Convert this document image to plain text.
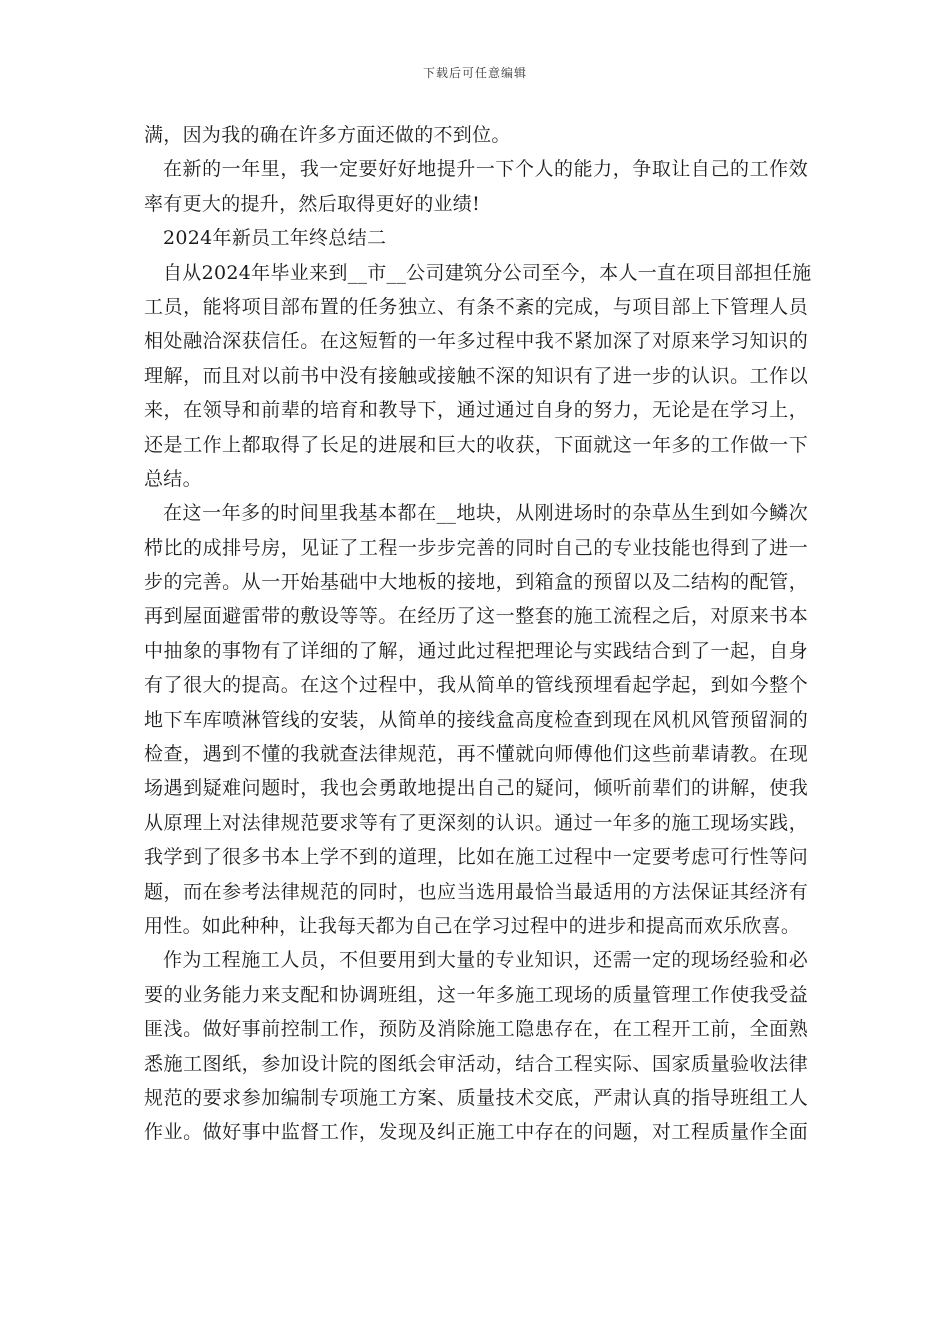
下载后可任意编辑
满，因为我的确在许多方面还做的不到位。
在新的一年里，我一定要好好地提升一下个人的能力，争取让自己的工作效
率有更大的提升，然后取得更好的业绩!
2024年新员工年终总结二
自从2024年毕业来到__市__公司建筑分公司至今，本人一直在项目部担任施
工员，能将项目部布置的任务独立、有条不紊的完成，与项目部上下管理人员
相处融洽深获信任。在这短暂的一年多过程中我不紧加深了对原来学习知识的
理解，而且对以前书中没有接触或接触不深的知识有了进一步的认识。工作以
来，在领导和前辈的培育和教导下，通过通过自身的努力，无论是在学习上，
还是工作上都取得了长足的进展和巨大的收获，下面就这一年多的工作做一下
总结。
在这一年多的时间里我基本都在__地块，从刚进场时的杂草丛生到如今鳞次
栉比的成排号房，见证了工程一步步完善的同时自己的专业技能也得到了进一
步的完善。从一开始基础中大地板的接地，到箱盒的预留以及二结构的配管，
再到屋面避雷带的敷设等等。在经历了这一整套的施工流程之后，对原来书本
中抽象的事物有了详细的了解，通过此过程把理论与实践结合到了一起，自身
有了很大的提高。在这个过程中，我从简单的管线预埋看起学起，到如今整个
地下车库喷淋管线的安装，从简单的接线盒高度检查到现在风机风管预留洞的
检查，遇到不懂的我就查法律规范，再不懂就向师傅他们这些前辈请教。在现
场遇到疑难问题时，我也会勇敢地提出自己的疑问，倾听前辈们的讲解，使我
从原理上对法律规范要求等有了更深刻的认识。通过一年多的施工现场实践，
我学到了很多书本上学不到的道理，比如在施工过程中一定要考虑可行性等问
题，而在参考法律规范的同时，也应当选用最恰当最适用的方法保证其经济有
用性。如此种种，让我每天都为自己在学习过程中的进步和提高而欢乐欣喜。
作为工程施工人员，不但要用到大量的专业知识，还需一定的现场经验和必
要的业务能力来支配和协调班组，这一年多施工现场的质量管理工作使我受益
匪浅。做好事前控制工作，预防及消除施工隐患存在，在工程开工前，全面熟
悉施工图纸，参加设计院的图纸会审活动，结合工程实际、国家质量验收法律
规范的要求参加编制专项施工方案、质量技术交底，严肃认真的指导班组工人
作业。做好事中监督工作，发现及纠正施工中存在的问题，对工程质量作全面
